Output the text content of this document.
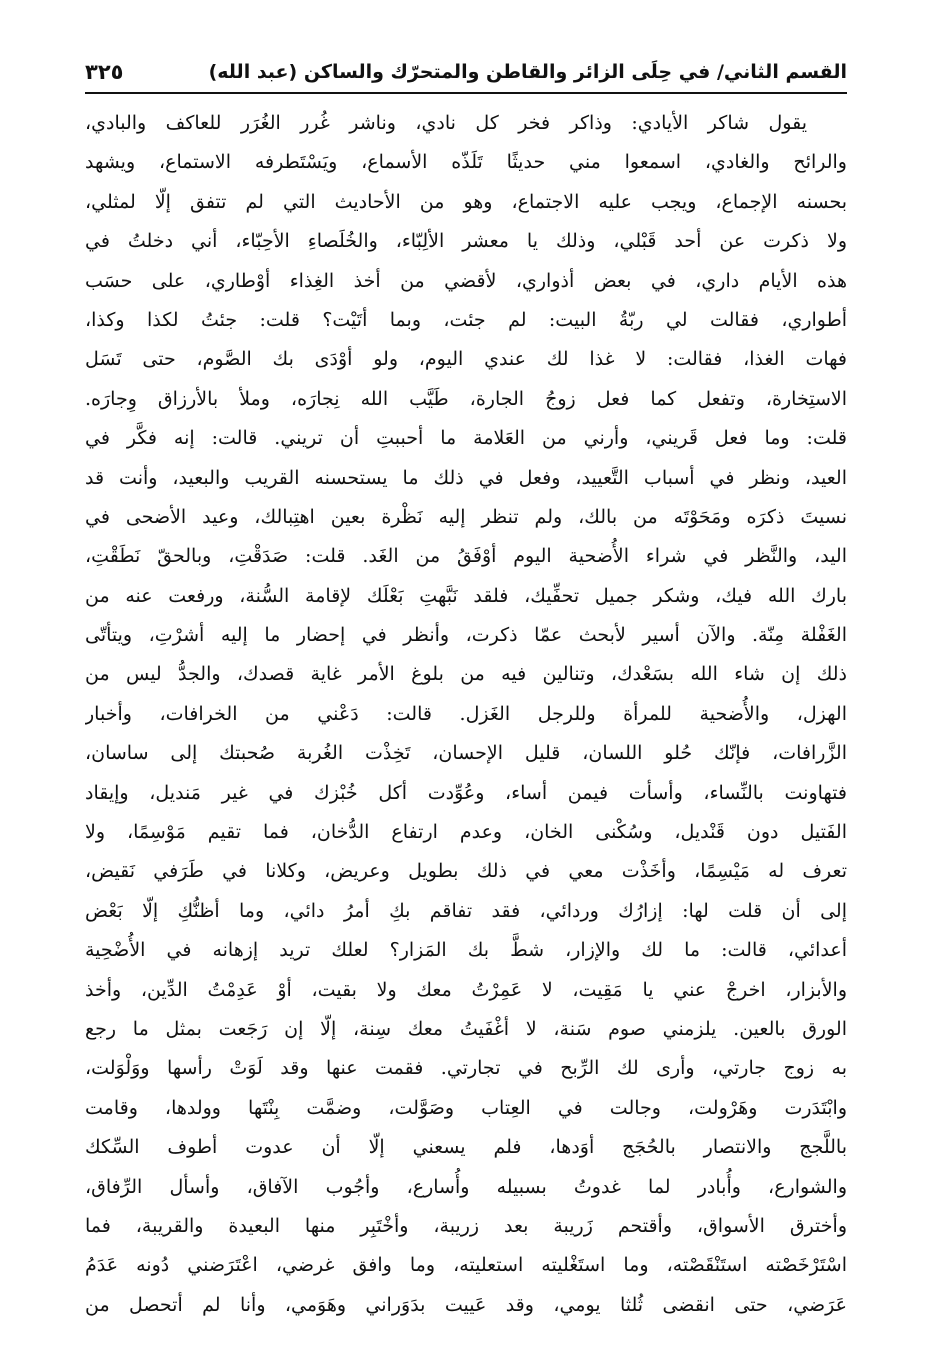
القسم الثاني/ في حِلَى الزائر والقاطن والمتحرّك والساكن (عبد الله)
٣٢٥
يقول شاكر الأيادي: وذاكر فخر كل نادي، وناشر غُرر الغُرَر للعاكف والبادي،
والرائح والغادي، اسمعوا مني حديثًا تَلَذّه الأسماع، ويَسْتَطرفه الاستماع، ويشهد
بحسنه الإجماع، ويجب عليه الاجتماع، وهو من الأحاديث التي لم تتفق إلّا لمثلي،
ولا ذكرت عن أحد قَبْلي، وذلك يا معشر الألِبّاء، والخُلَصاءِ الأحِبّاء، أني دخلتُ في
هذه الأيام داري، في بعض أذواري، لأقضي من أخذ الغِذاء أوْطاري، على حسَب
أطواري، فقالت لي ربّةُ البيت: لم جئت، وبما أتَيْت؟ قلت: جئتُ لكذا وكذا،
فهات الغذا، فقالت: لا غذا لك عندي اليوم، ولو أوْدَى بك الصَّوم، حتى تَسَل
الاستِخارة، وتفعل كما فعل زوجُ الجارة، طَيَّب الله نِجارَه، وملأ بالأرزاق وِجارَه.
قلت: وما فعل قَريني، وأرني من العَلامة ما أحببتِ أن تريني. قالت: إنه فكَّر في
العيد، ونظر في أسباب التَّعييد، وفعل في ذلك ما يستحسنه القريب والبعيد، وأنت قد
نسيتَ ذكرَه ومَحَوْتَه من بالك، ولم تنظر إليه نَظْرة بعين اهتِبالك، وعيد الأضحى في
اليد، والنَّظر في شراء الأُضحية اليوم أوْفَقُ من الغَد. قلت: صَدَقْتِ، وبالحقّ نَطَقْتِ،
بارك الله فيك، وشكر جميل تحفِّيك، فلقد نَبَّهتِ بَعْلَك لإقامة السُّنة، ورفعت عنه من
الغَفْلة مِنّة. والآن أسير لأبحث عمّا ذكرت، وأنظر في إحضار ما إليه أشرْتِ، ويتأتّى
ذلك إن شاء الله بسَعْدك، وتنالين فيه من بلوغ الأمر غاية قصدك، والجدُّ ليس من
الهزل، والأُضحية للمرأة وللرجل الغَزل. قالت: دَعْني من الخرافات، وأخبار
الزَّرافات، فإنّك حُلو اللسان، قليل الإحسان، تَخِذْت الغُربة صُحبتك إلى ساسان،
فتهاونت بالنِّساء، وأسأت فيمن أساء، وعُوِّدت أكل خُبْزك في غير مَنديل، وإيقاد
الفَتيل دون قَنْديل، وسُكْنى الخان، وعدم ارتفاع الدُّخان، فما تقيم مَوْسِمًا، ولا
تعرف له مَيْسِمًا، وأخَذْت معي في ذلك بطويل وعريض، وكلانا في طَرَفي نَقيض،
إلى أن قلت لها: إزارُك وردائي، فقد تفاقم بكِ أمرُ دائي، وما أظنُّكِ إلّا بَعْض
أعدائي، قالت: ما لك والإزار، شطَّ بك المَزار؟ لعلك تريد إزهانه في الأُضْحِية
والأبزار، اخرجْ عني يا مَقِيت، لا عَمِرْتُ معك ولا بقيت، أوْ عَدِمْتُ الدِّين، وأخذ
الورق بالعين. يلزمني صوم سَنة، لا أغْفَيتُ معك سِنة، إلّا إن رَجَعت بمثل ما رجع
به زوج جارتي، وأرى لك الرِّبح في تجارتي. فقمت عنها وقد لَوَتْ رأسها ووَلْوَلت،
وابْتَدَرت وهَرْولت، وجالت في العِتاب وصَوَّلت، وضمَّت بِنْتَها وولدها، وقامت
باللَّجج والانتصار بالحُجَج أوَدها، فلم يسعني إلّا أن عدوت أطوف السِّكك
والشوارع، وأُبادر لما غدوتُ بسبيله وأُسارع، وأجُوب الآفاق، وأسأل الرِّفاق،
وأخترق الأسواق، وأقتحم زَريبة بعد زريبة، وأخْتَبِر منها البعيدة والقريبة، فما
اسْتَرْخَصْته استَنْقَصْته، وما استَغْليته استعليته، وما وافق غرضي، اعْتَرَضني دُونه عَدَمُ
عَرَضي، حتى انقضى ثُلثا يومي، وقد عَييت بدَوَراني وهَوَمي، وأنا لم أتحصل من
